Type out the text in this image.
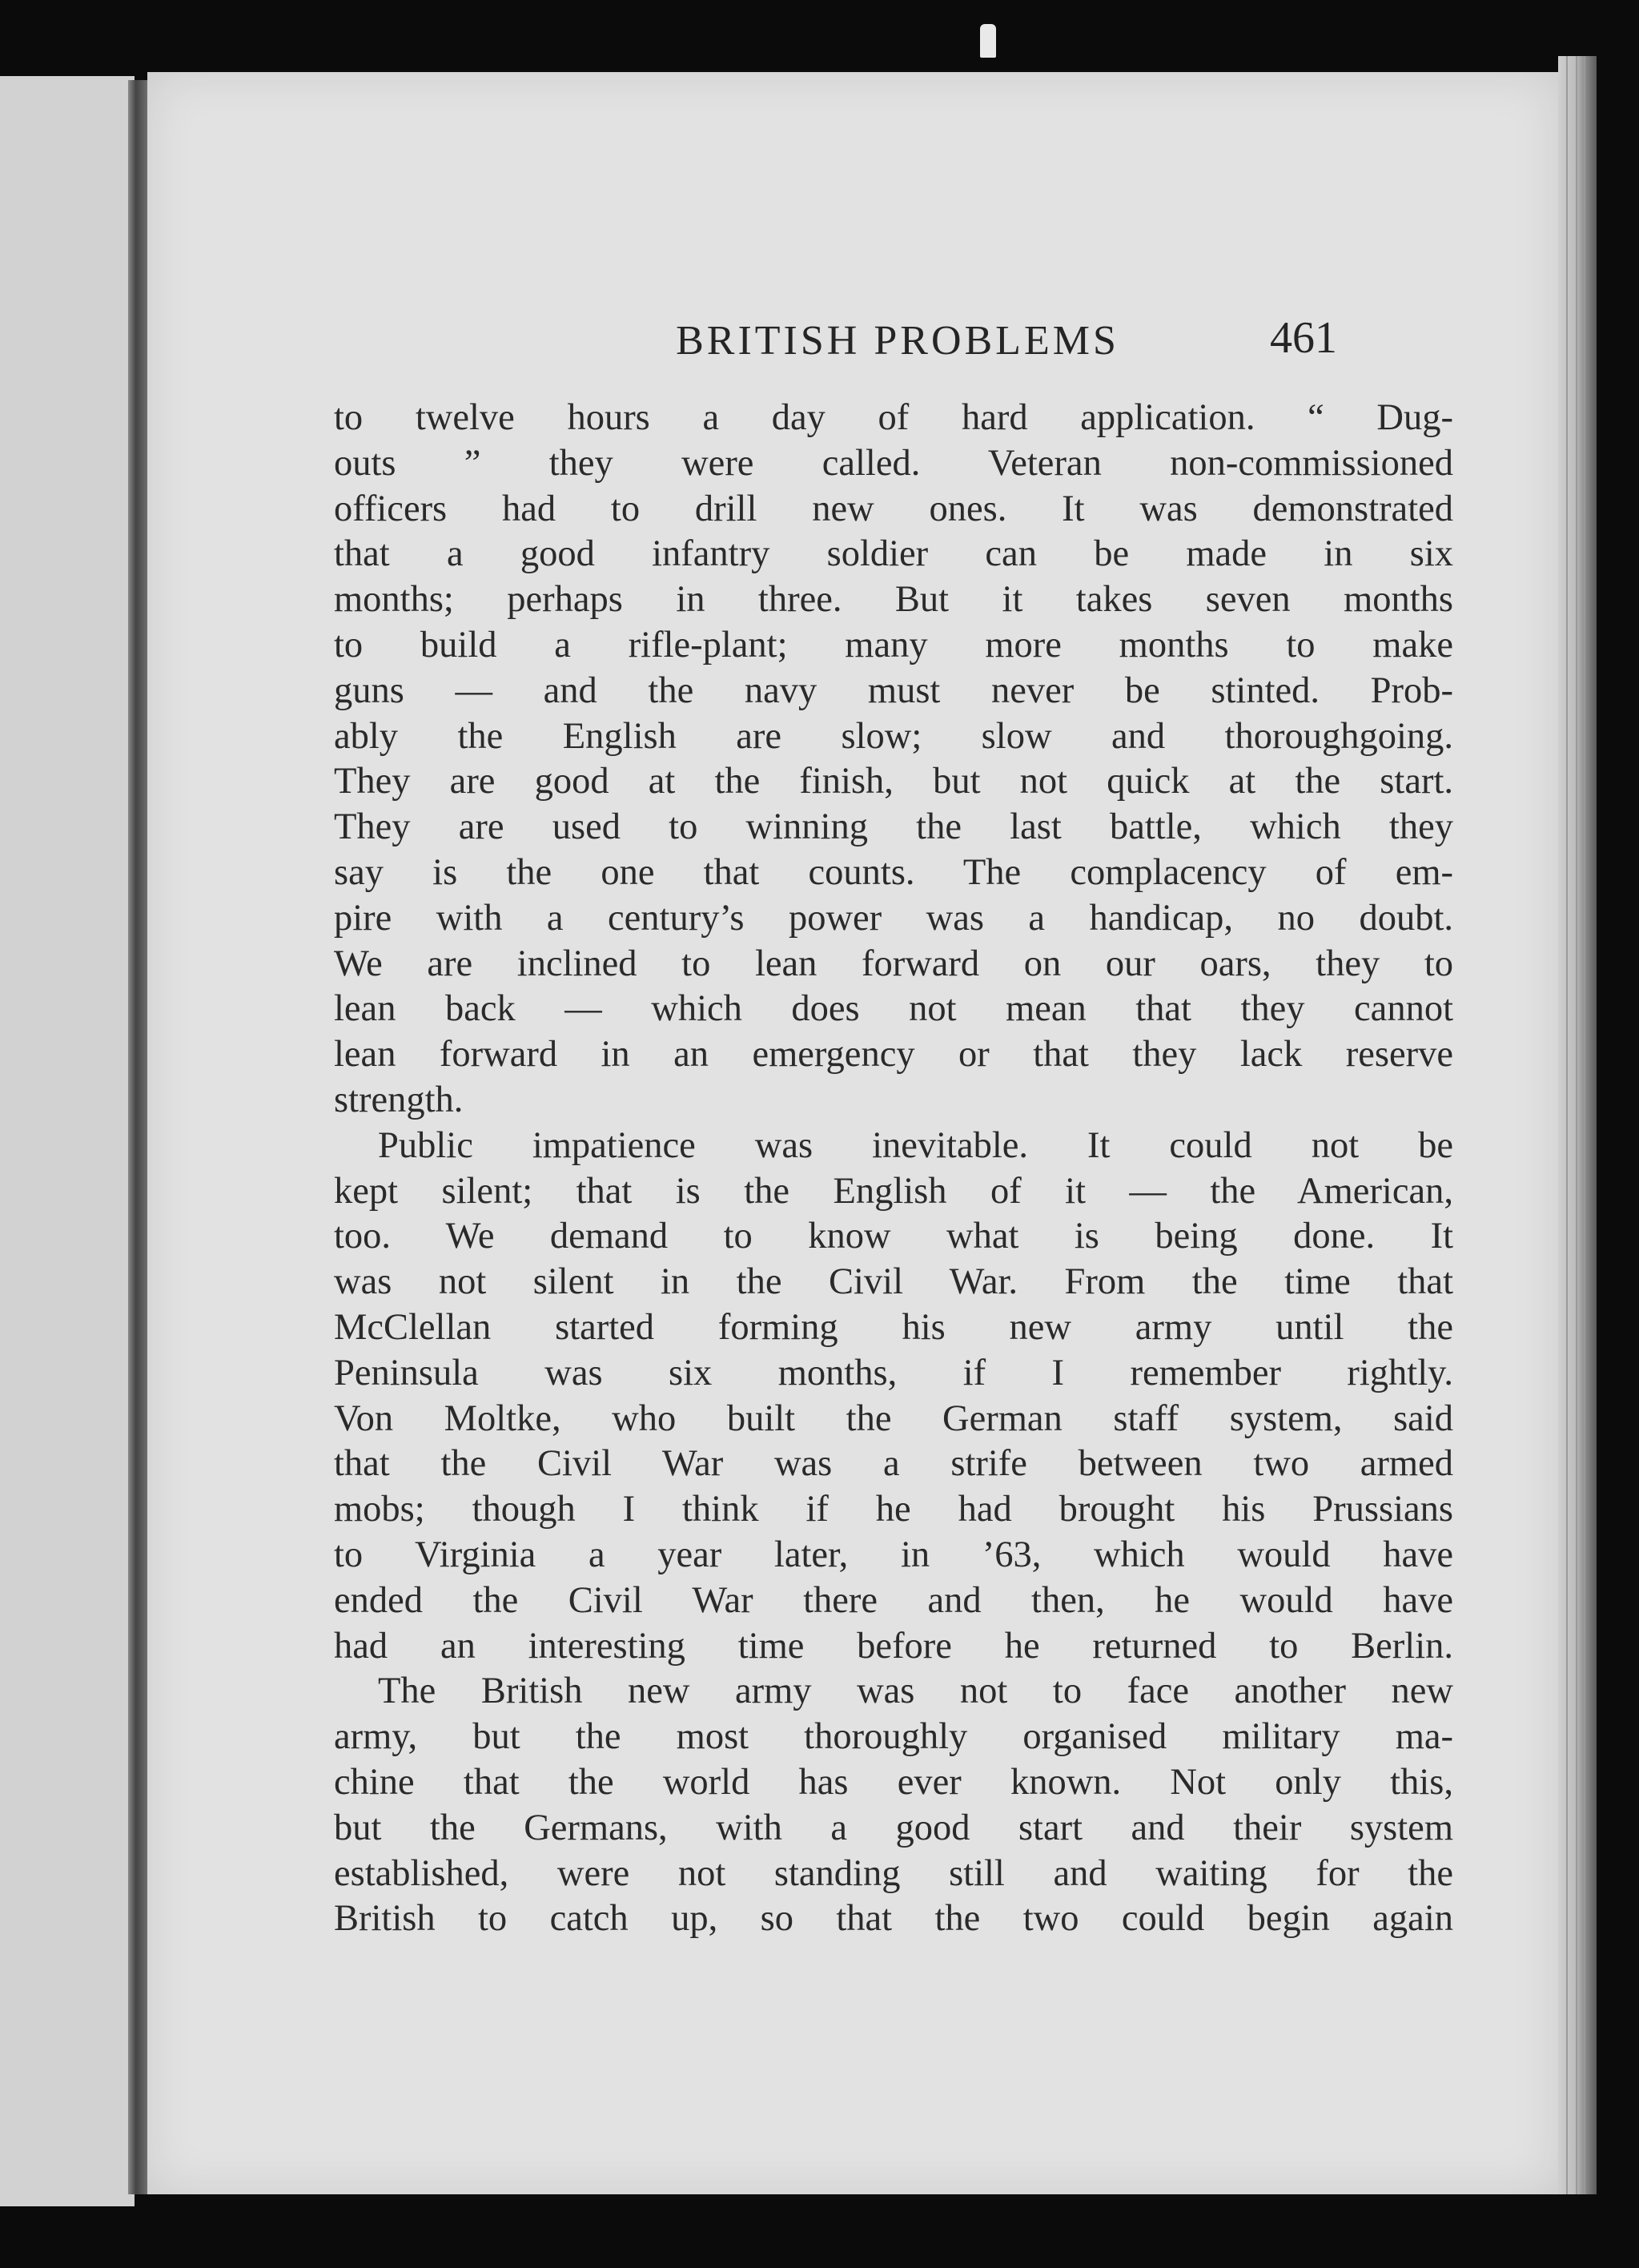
BRITISH PROBLEMS	461
to twelve hours a day of hard application. “ Dug-
outs ” they were called. Veteran non-commissioned
officers had to drill new ones. It was demonstrated
that a good infantry soldier can be made in six
months; perhaps in three. But it takes seven months
to build a rifle-plant; many more months to make
guns — and the navy must never be stinted. Prob-
ably the English are slow; slow and thoroughgoing.
They are good at the finish, but not quick at the start.
They are used to winning the last battle, which they
say is the one that counts. The complacency of em-
pire with a century’s power was a handicap, no doubt.
We are inclined to lean forward on our oars, they to
lean back — which does not mean that they cannot
lean forward in an emergency or that they lack reserve
strength.
Public impatience was inevitable. It could not be
kept silent; that is the English of it — the American,
too. We demand to know what is being done. It
was not silent in the Civil War. From the time that
McClellan started forming his new army until the
Peninsula was six months, if I remember rightly.
Von Moltke, who built the German staff system, said
that the Civil War was a strife between two armed
mobs; though I think if he had brought his Prussians
to Virginia a year later, in ’63, which would have
ended the Civil War there and then, he would have
had an interesting time before he returned to Berlin.
The British new army was not to face another new
army, but the most thoroughly organised military ma-
chine that the world has ever known. Not only this,
but the Germans, with a good start and their system
established, were not standing still and waiting for the
British to catch up, so that the two could begin again
